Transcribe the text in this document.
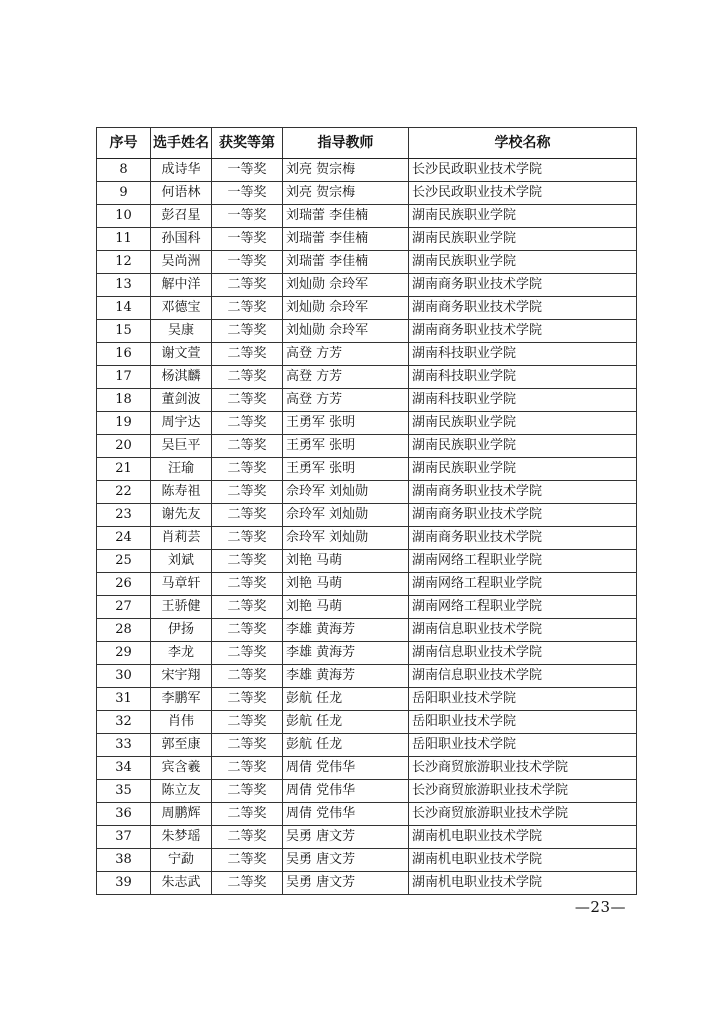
序号	选手姓名	获奖等第	指导教师	学校名称
8	成诗华	一等奖	刘亮 贺宗梅	长沙民政职业技术学院
9	何语林	一等奖	刘亮 贺宗梅	长沙民政职业技术学院
10	彭召星	一等奖	刘瑞蕾 李佳楠	湖南民族职业学院
11	孙国科	一等奖	刘瑞蕾 李佳楠	湖南民族职业学院
12	吴尚洲	一等奖	刘瑞蕾 李佳楠	湖南民族职业学院
13	解中洋	二等奖	刘灿勋 佘玲军	湖南商务职业技术学院
14	邓德宝	二等奖	刘灿勋 佘玲军	湖南商务职业技术学院
15	吴康	二等奖	刘灿勋 佘玲军	湖南商务职业技术学院
16	谢文萱	二等奖	高登 方芳	湖南科技职业学院
17	杨淇麟	二等奖	高登 方芳	湖南科技职业学院
18	董剑波	二等奖	高登 方芳	湖南科技职业学院
19	周宇达	二等奖	王勇军 张明	湖南民族职业学院
20	吴巨平	二等奖	王勇军 张明	湖南民族职业学院
21	汪瑜	二等奖	王勇军 张明	湖南民族职业学院
22	陈寿祖	二等奖	佘玲军 刘灿勋	湖南商务职业技术学院
23	谢先友	二等奖	佘玲军 刘灿勋	湖南商务职业技术学院
24	肖莉芸	二等奖	佘玲军 刘灿勋	湖南商务职业技术学院
25	刘斌	二等奖	刘艳 马萌	湖南网络工程职业学院
26	马章轩	二等奖	刘艳 马萌	湖南网络工程职业学院
27	王骄健	二等奖	刘艳 马萌	湖南网络工程职业学院
28	伊扬	二等奖	李雄 黄海芳	湖南信息职业技术学院
29	李龙	二等奖	李雄 黄海芳	湖南信息职业技术学院
30	宋宇翔	二等奖	李雄 黄海芳	湖南信息职业技术学院
31	李鹏军	二等奖	彭航 任龙	岳阳职业技术学院
32	肖伟	二等奖	彭航 任龙	岳阳职业技术学院
33	郭至康	二等奖	彭航 任龙	岳阳职业技术学院
34	宾含羲	二等奖	周倩 党伟华	长沙商贸旅游职业技术学院
35	陈立友	二等奖	周倩 党伟华	长沙商贸旅游职业技术学院
36	周鹏辉	二等奖	周倩 党伟华	长沙商贸旅游职业技术学院
37	朱梦瑶	二等奖	吴勇 唐文芳	湖南机电职业技术学院
38	宁勐	二等奖	吴勇 唐文芳	湖南机电职业技术学院
39	朱志武	二等奖	吴勇 唐文芳	湖南机电职业技术学院
—23—
